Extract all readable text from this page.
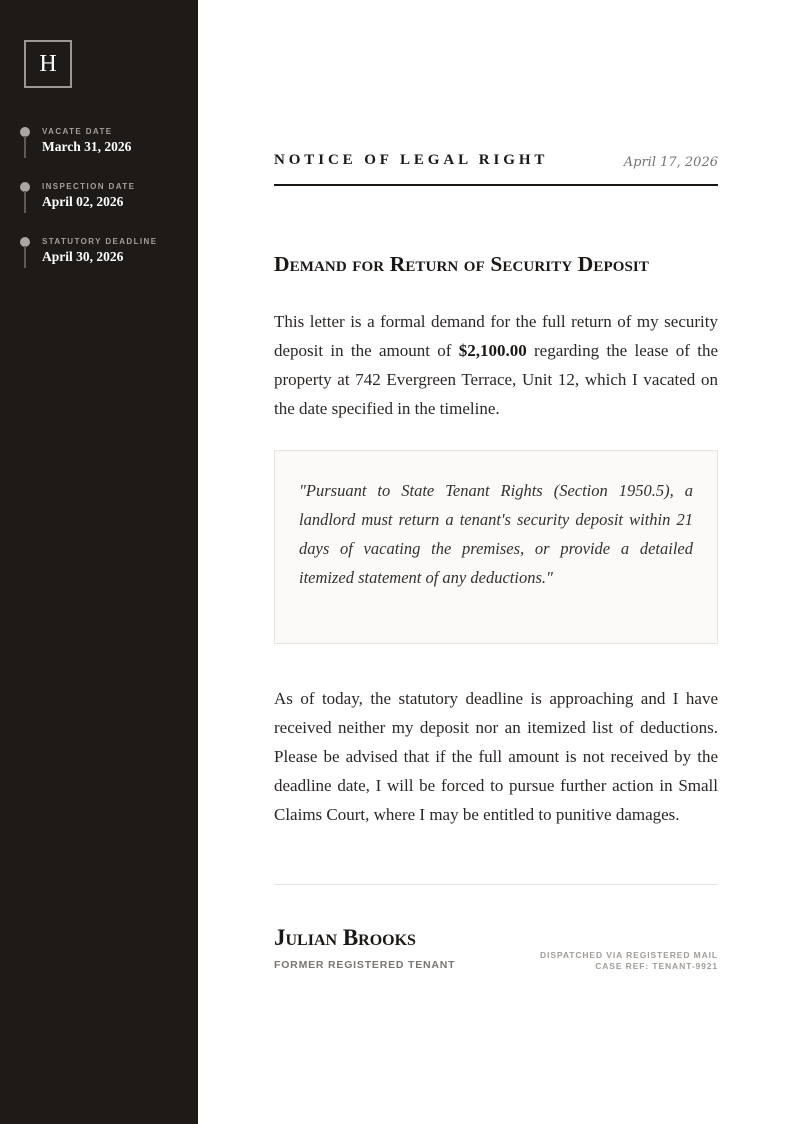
H
VACATE DATE
March 31, 2026
INSPECTION DATE
April 02, 2026
STATUTORY DEADLINE
April 30, 2026
NOTICE OF LEGAL RIGHT	April 17, 2026
Demand for Return of Security Deposit

This letter is a formal demand for the full return of my security deposit in the amount of $2,100.00 regarding the lease of the property at 742 Evergreen Terrace, Unit 12, which I vacated on the date specified in the timeline.

"Pursuant to State Tenant Rights (Section 1950.5), a landlord must return a tenant's security deposit within 21 days of vacating the premises, or provide a detailed itemized statement of any deductions."

As of today, the statutory deadline is approaching and I have received neither my deposit nor an itemized list of deductions. Please be advised that if the full amount is not received by the deadline date, I will be forced to pursue further action in Small Claims Court, where I may be entitled to punitive damages.

Julian Brooks
FORMER REGISTERED TENANT
DISPATCHED VIA REGISTERED MAIL
CASE REF: TENANT-9921
